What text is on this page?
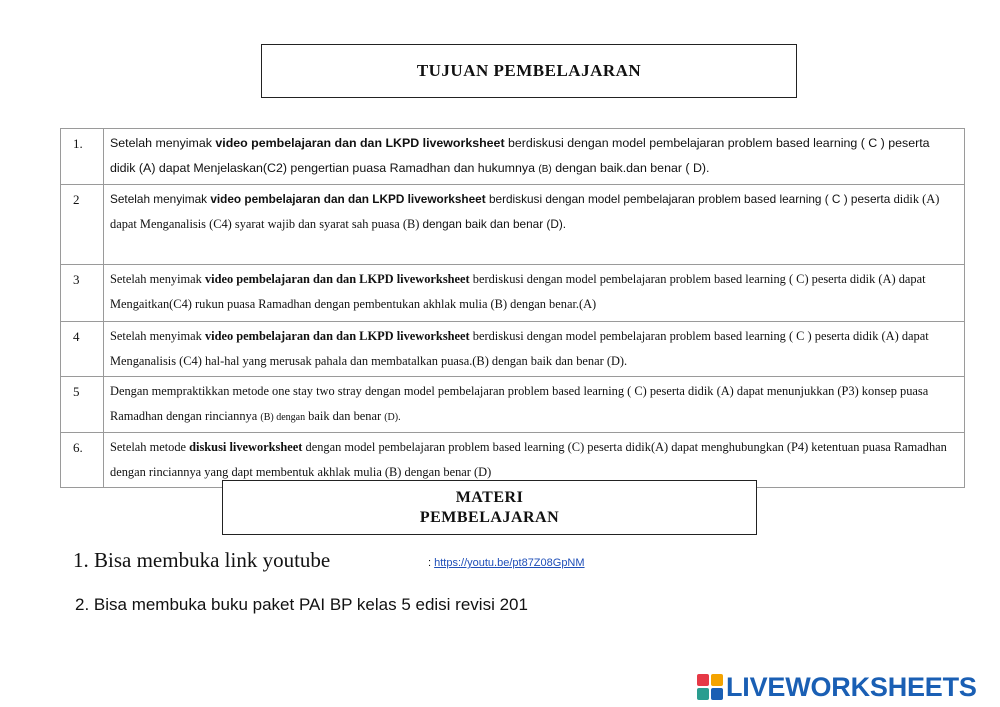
TUJUAN PEMBELAJARAN
1.	Setelah menyimak video pembelajaran dan dan LKPD liveworksheet berdiskusi dengan model pembelajaran problem based learning ( C ) peserta didik (A) dapat Menjelaskan(C2) pengertian puasa Ramadhan dan hukumnya (B) dengan baik.dan benar ( D).
2	Setelah menyimak video pembelajaran dan dan LKPD liveworksheet berdiskusi dengan model pembelajaran problem based learning ( C ) peserta didik (A) dapat Menganalisis (C4) syarat wajib dan syarat sah puasa (B) dengan baik dan benar (D).
3	Setelah menyimak video pembelajaran dan dan LKPD liveworksheet berdiskusi dengan model pembelajaran problem based learning ( C) peserta didik (A) dapat Mengaitkan(C4) rukun puasa Ramadhan dengan pembentukan akhlak mulia (B) dengan benar.(A)
4	Setelah menyimak video pembelajaran dan dan LKPD liveworksheet berdiskusi dengan model pembelajaran problem based learning ( C ) peserta didik (A) dapat Menganalisis (C4) hal-hal yang merusak pahala dan membatalkan puasa.(B) dengan baik dan benar (D).
5	Dengan mempraktikkan metode one stay two stray dengan model pembelajaran problem based learning ( C) peserta didik (A) dapat menunjukkan (P3) konsep puasa Ramadhan dengan rinciannya (B) dengan baik dan benar (D).
6.	Setelah metode diskusi liveworksheet dengan model pembelajaran problem based learning (C) peserta didik(A) dapat menghubungkan (P4) ketentuan puasa Ramadhan dengan rinciannya yang dapt membentuk akhlak mulia (B) dengan benar (D)
MATERI
PEMBELAJARAN
1. Bisa membuka link youtube	: https://youtu.be/pt87Z08GpNM
2. Bisa membuka buku paket PAI BP kelas 5 edisi revisi 201
LIVEWORKSHEETS
